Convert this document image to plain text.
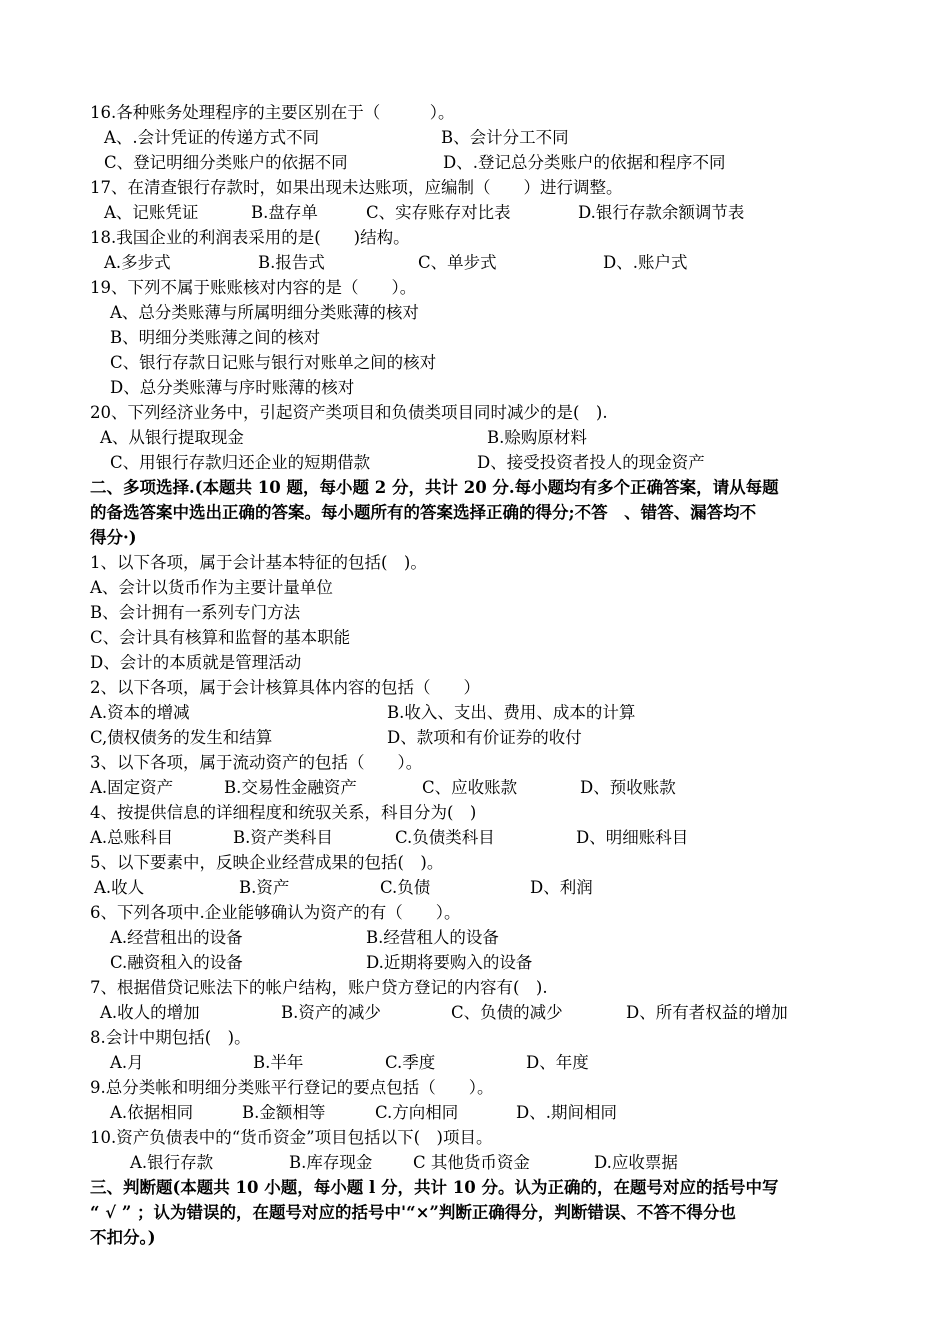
16.各种账务处理程序的主要区别在于（　　　）。
A、.会计凭证的传递方式不同	B、会计分工不同
C、登记明细分类账户的依据不同	D、.登记总分类账户的依据和程序不同
17、在清查银行存款时，如果出现未达账项，应编制（　　）进行调整。
A、记账凭证	B.盘存单	C、实存账存对比表	D.银行存款余额调节表
18.我国企业的利润表采用的是(　　)结构。
A.多步式	B.报告式	C、单步式	D、.账户式
19、下列不属于账账核对内容的是（　　）。
A、总分类账薄与所属明细分类账薄的核对
B、明细分类账薄之间的核对
C、银行存款日记账与银行对账单之间的核对
D、总分类账薄与序时账薄的核对
20、下列经济业务中，引起资产类项目和负债类项目同时减少的是(　).
A、从银行提取现金	B.赊购原材料
C、用银行存款归还企业的短期借款	D、接受投资者投人的现金资产
二、多项选择.(本题共 10 题，每小题 2 分，共计 20 分.每小题均有多个正确答案，请从每题
的备选答案中选出正确的答案。每小题所有的答案选择正确的得分;不答　、错答、漏答均不
得分·)
1、以下各项，属于会计基本特征的包括(　)。
A、会计以货币作为主要计量单位
B、会计拥有一系列专门方法
C、会计具有核算和监督的基本职能
D、会计的本质就是管理活动
2、以下各项，属于会计核算具体内容的包括（　　）
A.资本的增减	B.收入、支出、费用、成本的计算
C,债权债务的发生和结算	D、款项和有价证券的收付
3、以下各项，属于流动资产的包括（　　）。
A.固定资产	B.交易性金融资产	C、应收账款	D、预收账款
4、按提供信息的详细程度和统驭关系，科目分为(　)
A.总账科目	B.资产类科目	C.负债类科目	D、明细账科目
5、以下要素中，反映企业经营成果的包括(　)。
A.收人	B.资产	C.负债	D、利润
6、下列各项中.企业能够确认为资产的有（　　）。
A.经营租出的设备	B.经营租人的设备
C.融资租入的设备	D.近期将要购入的设备
7、根据借贷记账法下的帐户结构，账户贷方登记的内容有(　).
A.收人的增加	B.资产的减少	C、负债的减少	D、所有者权益的增加
8.会计中期包括(　)。
A.月	B.半年	C.季度	D、年度
9.总分类帐和明细分类账平行登记的要点包括（　　）。
A.依据相同	B.金额相等	C.方向相同	D、.期间相同
10.资产负债表中的“货币资金”项目包括以下(　)项目。
A.银行存款	B.库存现金 C 其他货币资金	D.应收票据
三、判断题(本题共 10 小题，每小题 l 分，共计 10 分。认为正确的，在题号对应的括号中写
“ √ ” ；认为错误的，在题号对应的括号中'“×”判断正确得分，判断错误、不答不得分也
不扣分。)
